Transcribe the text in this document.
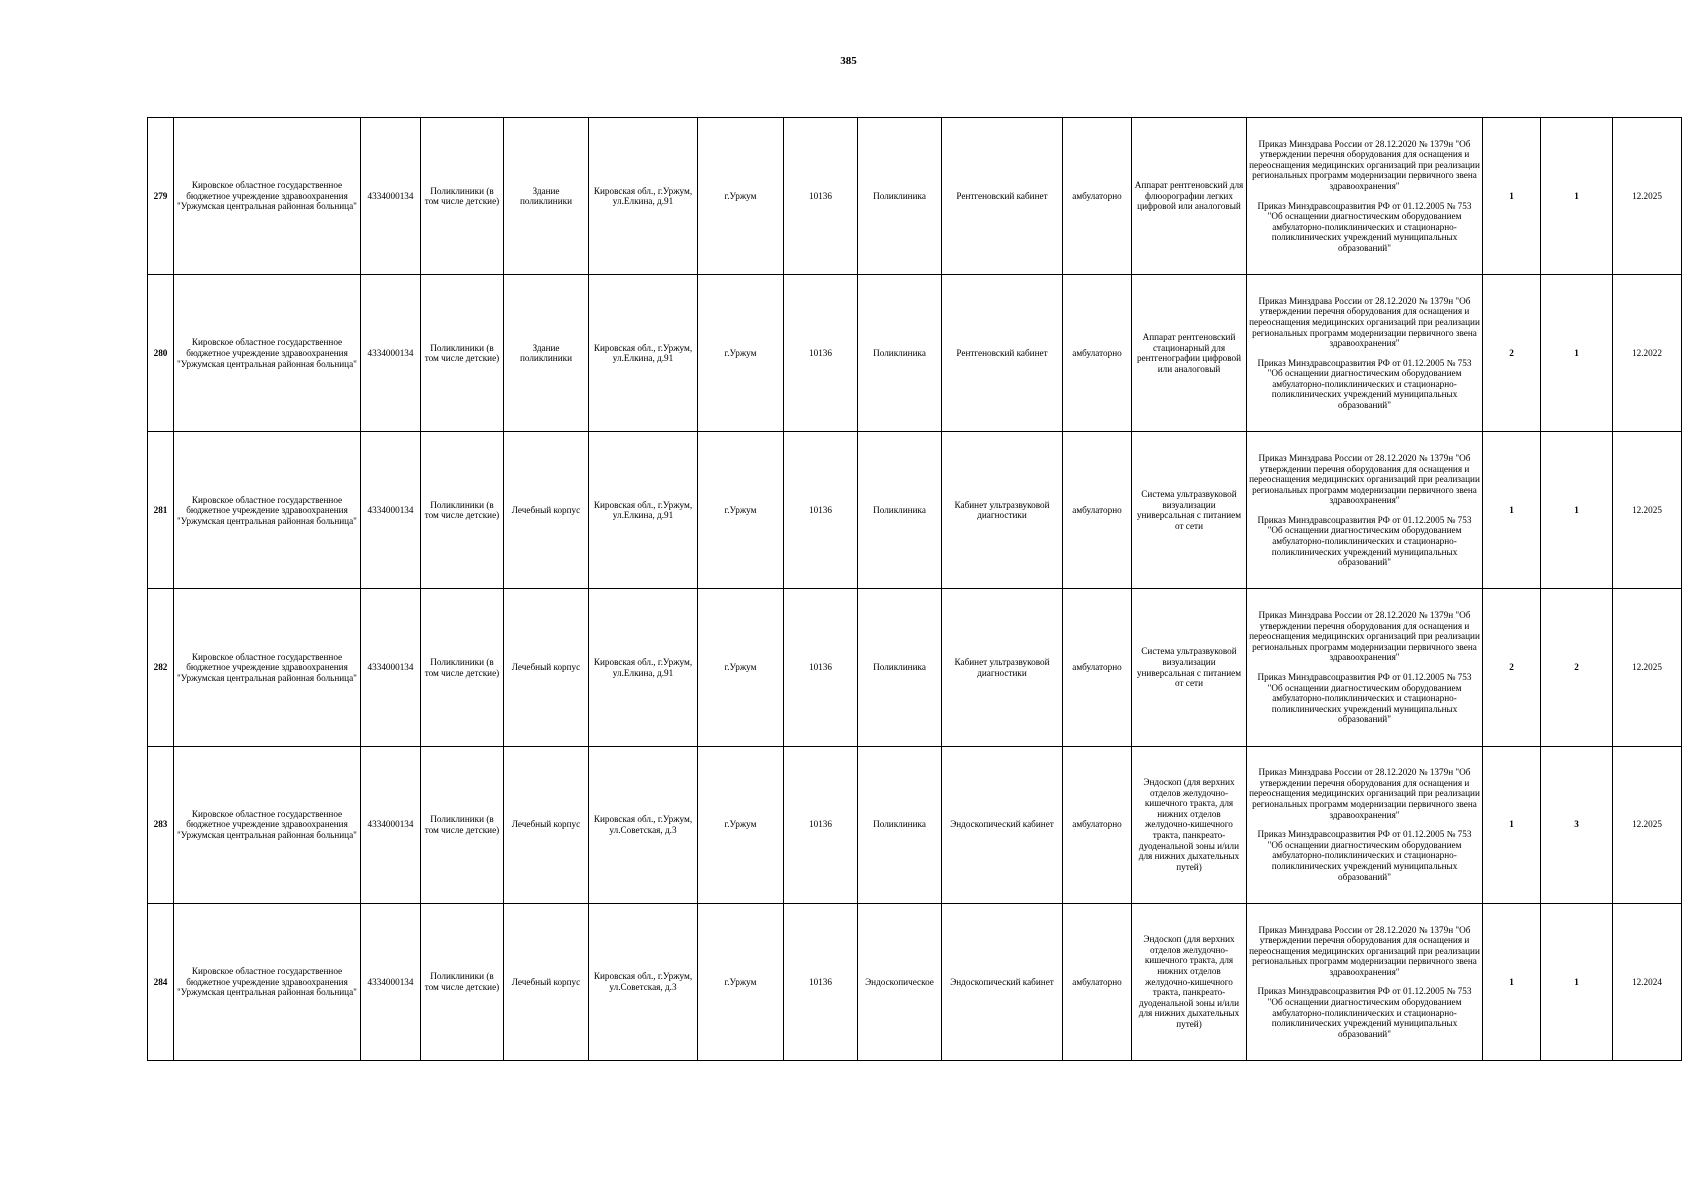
385
279	Кировское областное государственное бюджетное учреждение здравоохранения "Уржумская центральная районная больница"	4334000134	Поликлиники (в том числе детские)	Здание поликлиники	Кировская обл., г.Уржум, ул.Елкина, д.91	г.Уржум	10136	Поликлиника	Рентгеновский кабинет	амбулаторно	Аппарат рентгеновский для флюорографии легких цифровой или аналоговый	Приказ Минздрава России от 28.12.2020 № 1379н "Об утверждении перечня оборудования для оснащения и переоснащения медицинских организаций при реализации региональных программ модернизации первичного звена здравоохранения"

Приказ Минздравсоцразвития РФ от 01.12.2005 № 753 "Об оснащении диагностическим оборудованием амбулаторно-поликлинических и стационарно-поликлинических учреждений муниципальных образований"	1	1	12.2025
280	Кировское областное государственное бюджетное учреждение здравоохранения "Уржумская центральная районная больница"	4334000134	Поликлиники (в том числе детские)	Здание поликлиники	Кировская обл., г.Уржум, ул.Елкина, д.91	г.Уржум	10136	Поликлиника	Рентгеновский кабинет	амбулаторно	Аппарат рентгеновский стационарный для рентгенографии цифровой или аналоговый	Приказ Минздрава России от 28.12.2020 № 1379н "Об утверждении перечня оборудования для оснащения и переоснащения медицинских организаций при реализации региональных программ модернизации первичного звена здравоохранения"

Приказ Минздравсоцразвития РФ от 01.12.2005 № 753 "Об оснащении диагностическим оборудованием амбулаторно-поликлинических и стационарно-поликлинических учреждений муниципальных образований"	2	1	12.2022
281	Кировское областное государственное бюджетное учреждение здравоохранения "Уржумская центральная районная больница"	4334000134	Поликлиники (в том числе детские)	Лечебный корпус	Кировская обл., г.Уржум, ул.Елкина, д.91	г.Уржум	10136	Поликлиника	Кабинет ультразвуковой диагностики	амбулаторно	Система ультразвуковой визуализации универсальная с питанием от сети	Приказ Минздрава России от 28.12.2020 № 1379н "Об утверждении перечня оборудования для оснащения и переоснащения медицинских организаций при реализации региональных программ модернизации первичного звена здравоохранения"

Приказ Минздравсоцразвития РФ от 01.12.2005 № 753 "Об оснащении диагностическим оборудованием амбулаторно-поликлинических и стационарно-поликлинических учреждений муниципальных образований"	1	1	12.2025
282	Кировское областное государственное бюджетное учреждение здравоохранения "Уржумская центральная районная больница"	4334000134	Поликлиники (в том числе детские)	Лечебный корпус	Кировская обл., г.Уржум, ул.Елкина, д.91	г.Уржум	10136	Поликлиника	Кабинет ультразвуковой диагностики	амбулаторно	Система ультразвуковой визуализации универсальная с питанием от сети	Приказ Минздрава России от 28.12.2020 № 1379н "Об утверждении перечня оборудования для оснащения и переоснащения медицинских организаций при реализации региональных программ модернизации первичного звена здравоохранения"

Приказ Минздравсоцразвития РФ от 01.12.2005 № 753 "Об оснащении диагностическим оборудованием амбулаторно-поликлинических и стационарно-поликлинических учреждений муниципальных образований"	2	2	12.2025
283	Кировское областное государственное бюджетное учреждение здравоохранения "Уржумская центральная районная больница"	4334000134	Поликлиники (в том числе детские)	Лечебный корпус	Кировская обл., г.Уржум, ул.Советская, д.3	г.Уржум	10136	Поликлиника	Эндоскопический кабинет	амбулаторно	Эндоскоп (для верхних отделов желудочно-кишечного тракта, для нижних отделов желудочно-кишечного тракта, панкреато-дуоденальной зоны и/или для нижних дыхательных путей)	Приказ Минздрава России от 28.12.2020 № 1379н "Об утверждении перечня оборудования для оснащения и переоснащения медицинских организаций при реализации региональных программ модернизации первичного звена здравоохранения"

Приказ Минздравсоцразвития РФ от 01.12.2005 № 753 "Об оснащении диагностическим оборудованием амбулаторно-поликлинических и стационарно-поликлинических учреждений муниципальных образований"	1	3	12.2025
284	Кировское областное государственное бюджетное учреждение здравоохранения "Уржумская центральная районная больница"	4334000134	Поликлиники (в том числе детские)	Лечебный корпус	Кировская обл., г.Уржум, ул.Советская, д.3	г.Уржум	10136	Эндоскопическое	Эндоскопический кабинет	амбулаторно	Эндоскоп (для верхних отделов желудочно-кишечного тракта, для нижних отделов желудочно-кишечного тракта, панкреато-дуоденальной зоны и/или для нижних дыхательных путей)	Приказ Минздрава России от 28.12.2020 № 1379н "Об утверждении перечня оборудования для оснащения и переоснащения медицинских организаций при реализации региональных программ модернизации первичного звена здравоохранения"

Приказ Минздравсоцразвития РФ от 01.12.2005 № 753 "Об оснащении диагностическим оборудованием амбулаторно-поликлинических и стационарно-поликлинических учреждений муниципальных образований"	1	1	12.2024
